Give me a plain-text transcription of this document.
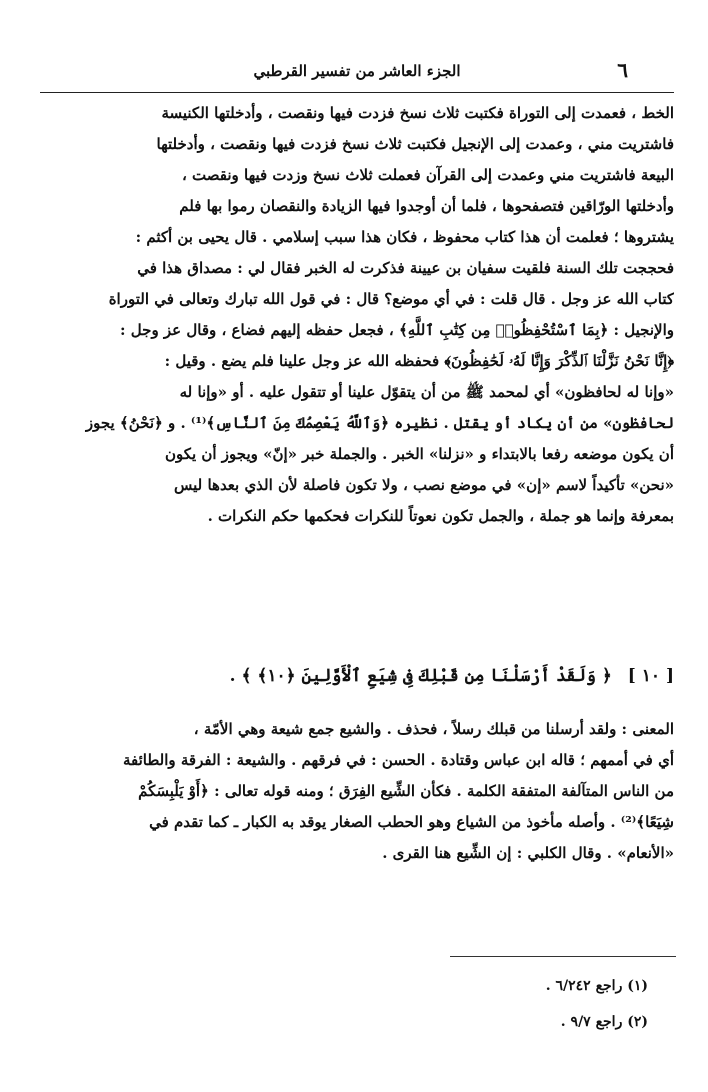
٦
الجزء العاشر من تفسير القرطبي
الخط ، فعمدت إلى التوراة فكتبت ثلاث نسخ فزدت فيها ونقصت ، وأدخلتها الكنيسة
فاشتريت مني ، وعمدت إلى الإنجيل فكتبت ثلاث نسخ فزدت فيها ونقصت ، وأدخلتها
البيعة فاشتريت مني وعمدت إلى القرآن فعملت ثلاث نسخ وزدت فيها ونقصت ،
وأدخلتها الورّاقين فتصفحوها ، فلما أن أوجدوا فيها الزيادة والنقصان رموا بها فلم
يشتروها ؛ فعلمت أن هذا كتاب محفوظ ، فكان هذا سبب إسلامي . قال يحيى بن أكثم :
فحججت تلك السنة فلقيت سفيان بن عيينة فذكرت له الخبر فقال لي : مصداق هذا في
كتاب الله عز وجل . قال قلت : في أي موضع؟ قال : في قول الله تبارك وتعالى في التوراة
والإنجيل : ﴿بِمَا ٱسْتُحْفِظُوا۟ مِن كِتَٰبِ ٱللَّهِ﴾ ، فجعل حفظه إليهم فضاع ، وقال عز وجل :
﴿إِنَّا نَحْنُ نَزَّلْنَا ٱلذِّكْرَ وَإِنَّا لَهُۥ لَحَٰفِظُونَ﴾ فحفظه الله عز وجل علينا فلم يضع . وقيل :
«وإنا له لحافظون» أي لمحمد ﷺ من أن يتقوّل علينا أو تتقول عليه . أو «وإنا له
لحافظون» من أن يكاد أو يقتل . نظيره ﴿وَٱللَّهُ يَعْصِمُكَ مِنَ ٱلنَّاسِ﴾⁽¹⁾ . و ﴿نَحْنُ﴾ يجوز
أن يكون موضعه رفعا بالابتداء و «نزلنا» الخبر . والجملة خبر «إنّ» ويجوز أن يكون
«نحن» تأكيداً لاسم «إن» في موضع نصب ، ولا تكون فاصلة لأن الذي بعدها ليس
بمعرفة وإنما هو جملة ، والجمل تكون نعوتاً للنكرات فحكمها حكم النكرات .
[ ١٠ ] ﴿ وَلَقَدْ أَرْسَلْنَا مِن قَبْلِكَ فِى شِيَعِ ٱلْأَوَّلِينَ ﴿١٠﴾ ﴾ .
المعنى : ولقد أرسلنا من قبلك رسلاً ، فحذف . والشيع جمع شيعة وهي الأمّة ،
أي في أممهم ؛ قاله ابن عباس وقتادة . الحسن : في فرقهم . والشيعة : الفرقة والطائفة
من الناس المتآلفة المتفقة الكلمة . فكأن الشِّيع الفِرَق ؛ ومنه قوله تعالى : ﴿أَوْ يَلْبِسَكُمْ
شِيَعًا﴾⁽²⁾ . وأصله مأخوذ من الشياع وهو الحطب الصغار يوقد به الكبار ـ كما تقدم في
«الأنعام» . وقال الكلبي : إن الشِّيع هنا القرى .
(١) راجع ٦/٢٤٢ .
(٢) راجع ٩/٧ .
